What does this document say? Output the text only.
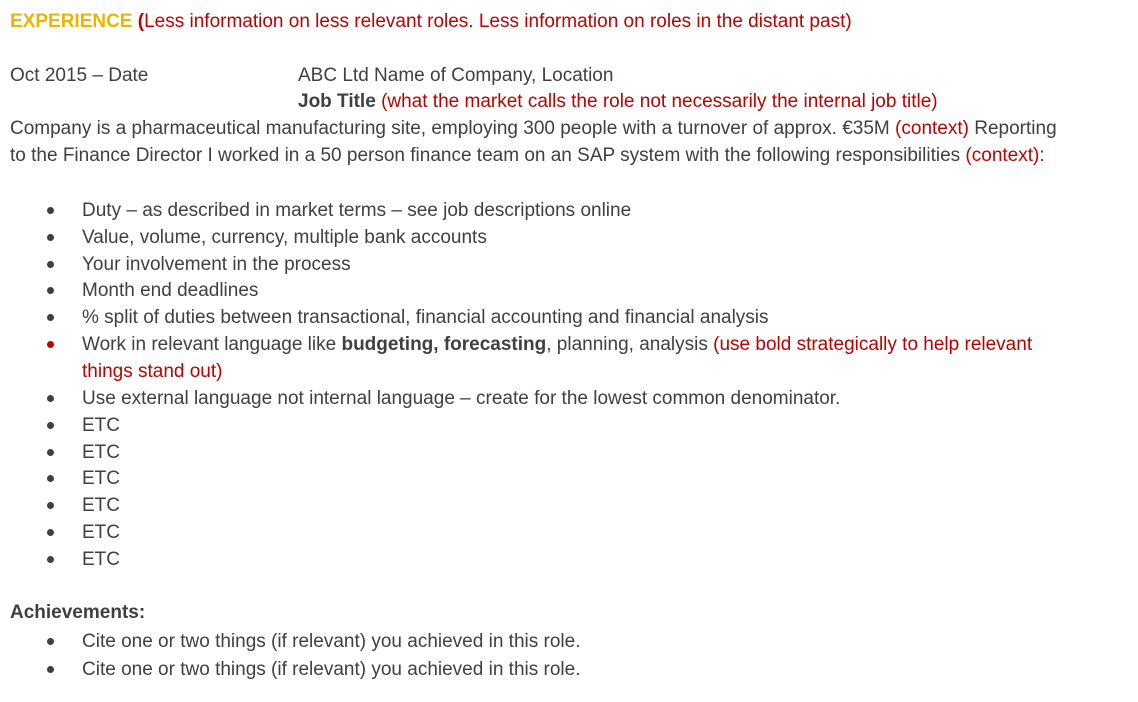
EXPERIENCE (Less information on less relevant roles. Less information on roles in the distant past)
Oct 2015 – Date	ABC Ltd Name of Company, Location
Job Title (what the market calls the role not necessarily the internal job title)
Company is a pharmaceutical manufacturing site, employing 300 people with a turnover of approx. €35M (context) Reporting
to the Finance Director I worked in a 50 person finance team on an SAP system with the following responsibilities (context):
Duty – as described in market terms – see job descriptions online
Value, volume, currency, multiple bank accounts
Your involvement in the process
Month end deadlines
% split of duties between transactional, financial accounting and financial analysis
Work in relevant language like budgeting, forecasting, planning, analysis (use bold strategically to help relevant
things stand out)
Use external language not internal language – create for the lowest common denominator.
ETC
ETC
ETC
ETC
ETC
ETC
Achievements:
Cite one or two things (if relevant) you achieved in this role.
Cite one or two things (if relevant) you achieved in this role.
